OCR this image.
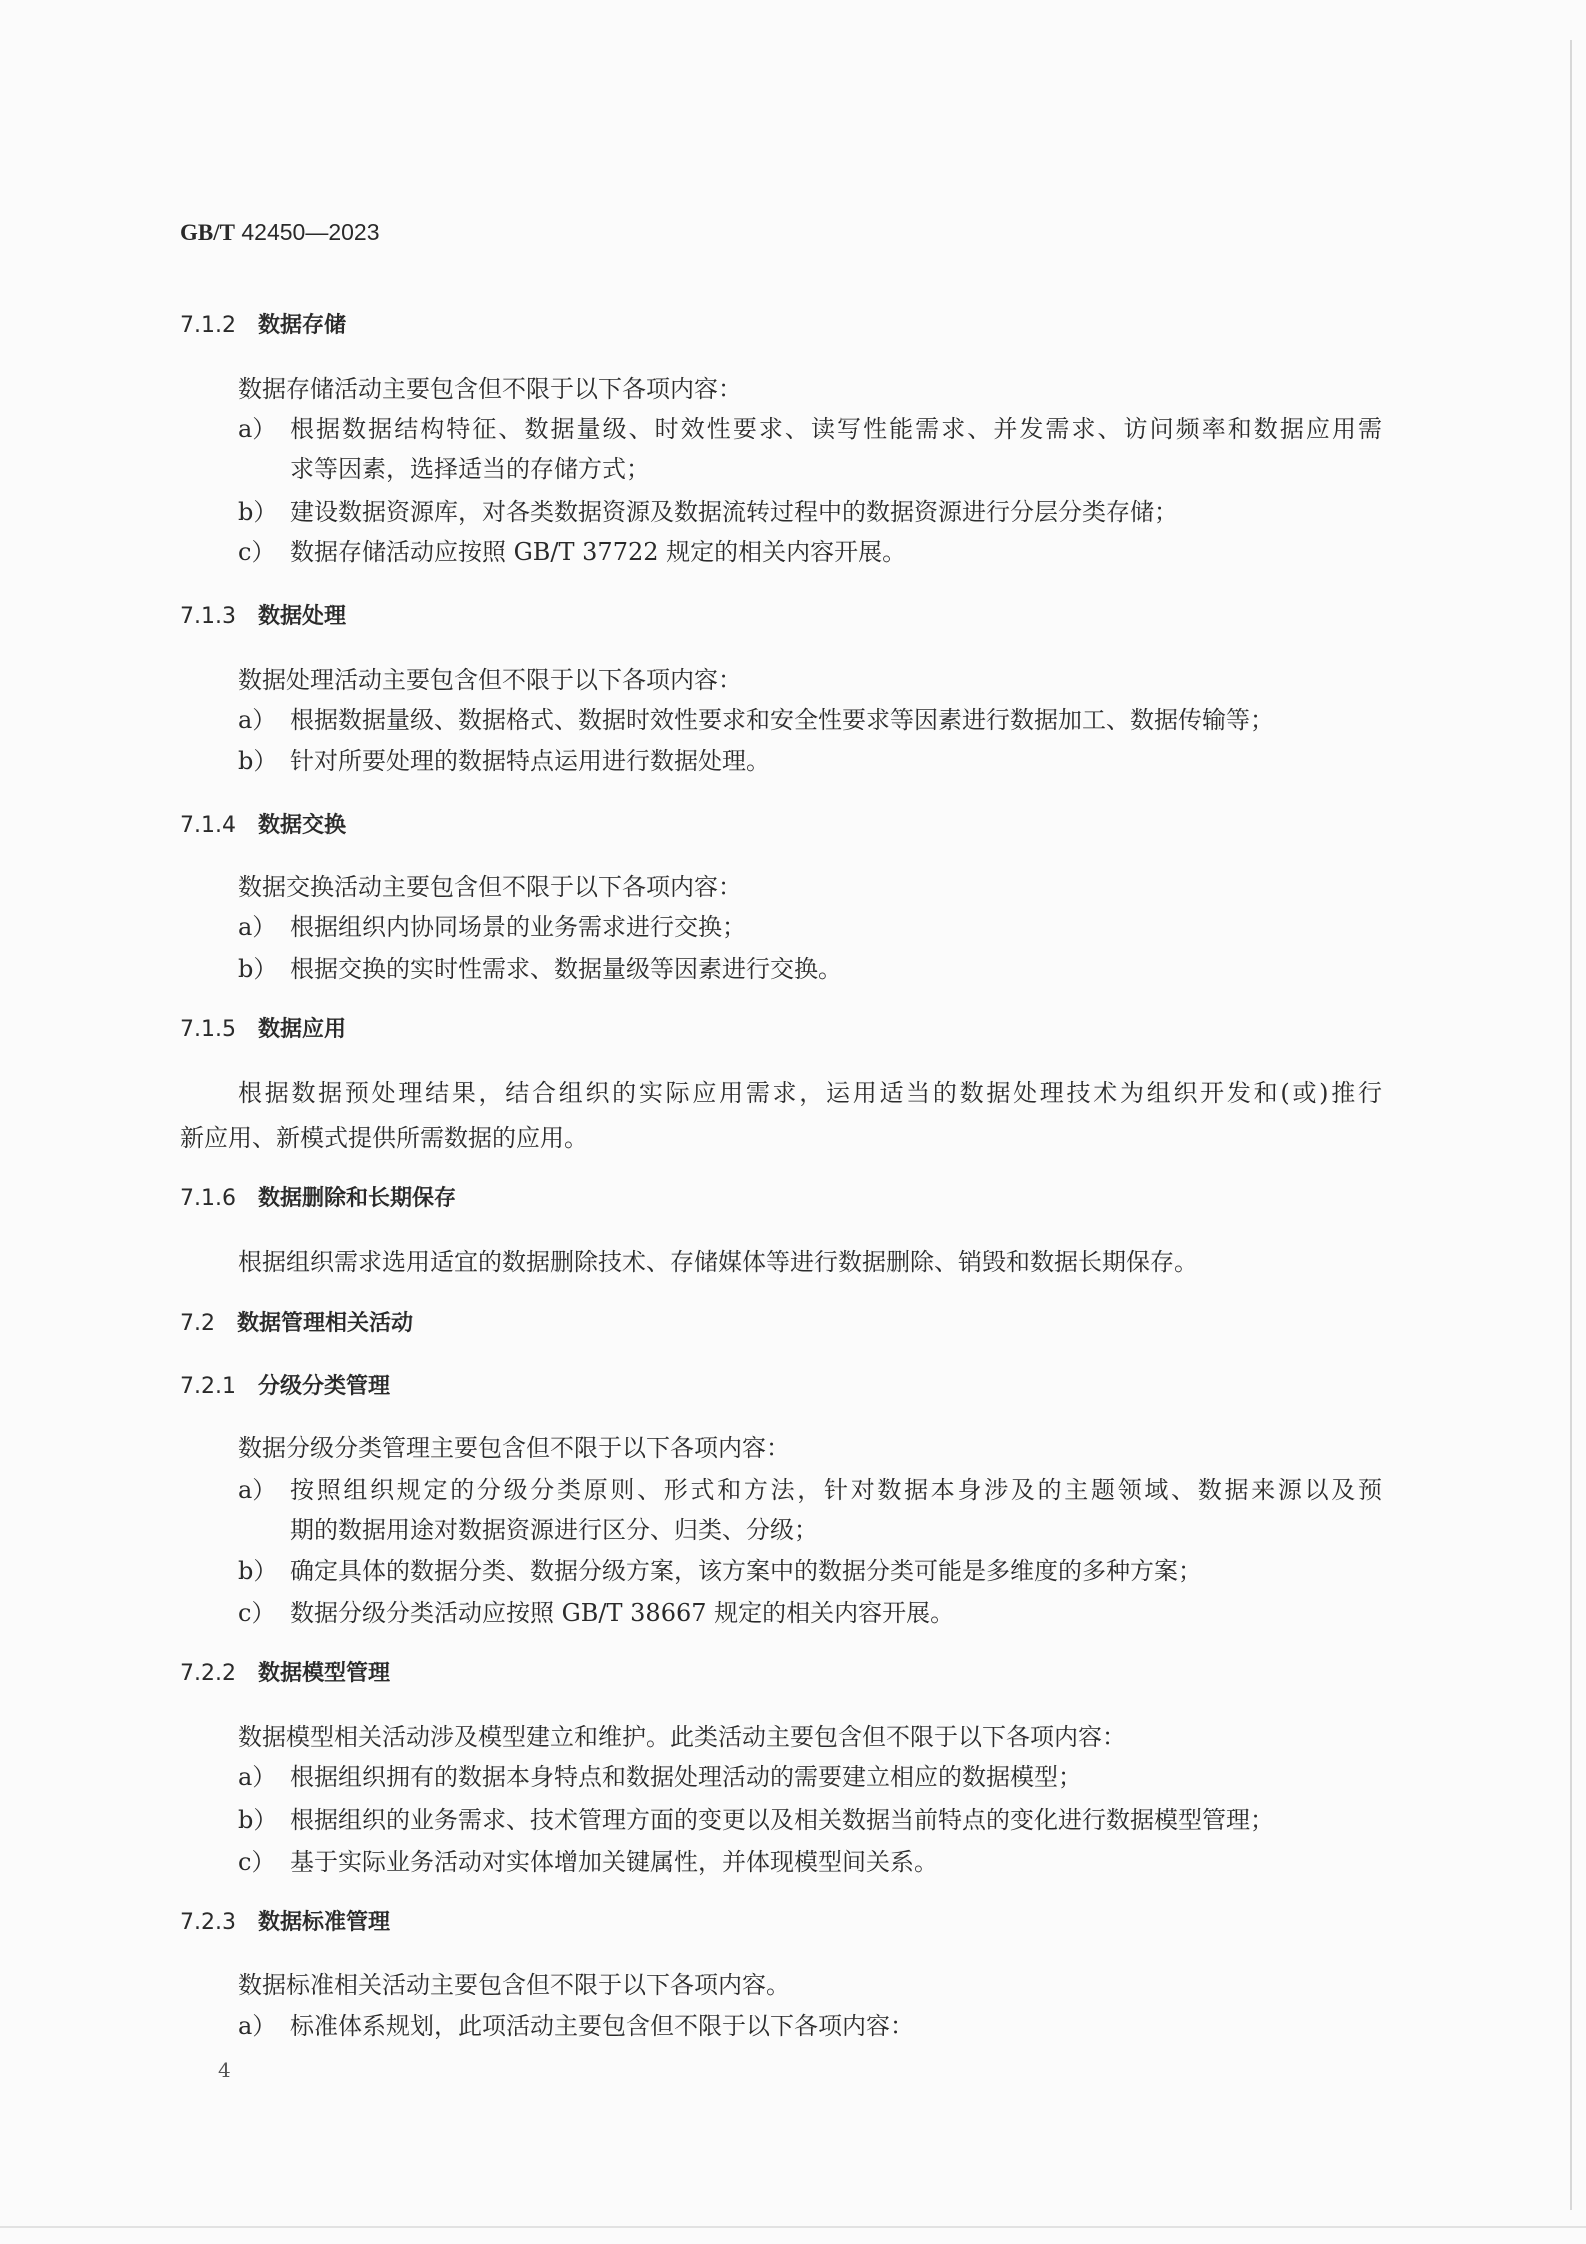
GB/T 42450—2023
7.1.2 数据存储
数据存储活动主要包含但不限于以下各项内容：
a） 根据数据结构特征、数据量级、时效性要求、读写性能需求、并发需求、访问频率和数据应用需
求等因素，选择适当的存储方式；
b） 建设数据资源库，对各类数据资源及数据流转过程中的数据资源进行分层分类存储；
c） 数据存储活动应按照 GB/T 37722 规定的相关内容开展。
7.1.3 数据处理
数据处理活动主要包含但不限于以下各项内容：
a） 根据数据量级、数据格式、数据时效性要求和安全性要求等因素进行数据加工、数据传输等；
b） 针对所要处理的数据特点运用进行数据处理。
7.1.4 数据交换
数据交换活动主要包含但不限于以下各项内容：
a） 根据组织内协同场景的业务需求进行交换；
b） 根据交换的实时性需求、数据量级等因素进行交换。
7.1.5 数据应用
根据数据预处理结果，结合组织的实际应用需求，运用适当的数据处理技术为组织开发和(或)推行
新应用、新模式提供所需数据的应用。
7.1.6 数据删除和长期保存
根据组织需求选用适宜的数据删除技术、存储媒体等进行数据删除、销毁和数据长期保存。
7.2 数据管理相关活动
7.2.1 分级分类管理
数据分级分类管理主要包含但不限于以下各项内容：
a） 按照组织规定的分级分类原则、形式和方法，针对数据本身涉及的主题领域、数据来源以及预
期的数据用途对数据资源进行区分、归类、分级；
b） 确定具体的数据分类、数据分级方案，该方案中的数据分类可能是多维度的多种方案；
c） 数据分级分类活动应按照 GB/T 38667 规定的相关内容开展。
7.2.2 数据模型管理
数据模型相关活动涉及模型建立和维护。此类活动主要包含但不限于以下各项内容：
a） 根据组织拥有的数据本身特点和数据处理活动的需要建立相应的数据模型；
b） 根据组织的业务需求、技术管理方面的变更以及相关数据当前特点的变化进行数据模型管理；
c） 基于实际业务活动对实体增加关键属性，并体现模型间关系。
7.2.3 数据标准管理
数据标准相关活动主要包含但不限于以下各项内容。
a） 标准体系规划，此项活动主要包含但不限于以下各项内容：
4
